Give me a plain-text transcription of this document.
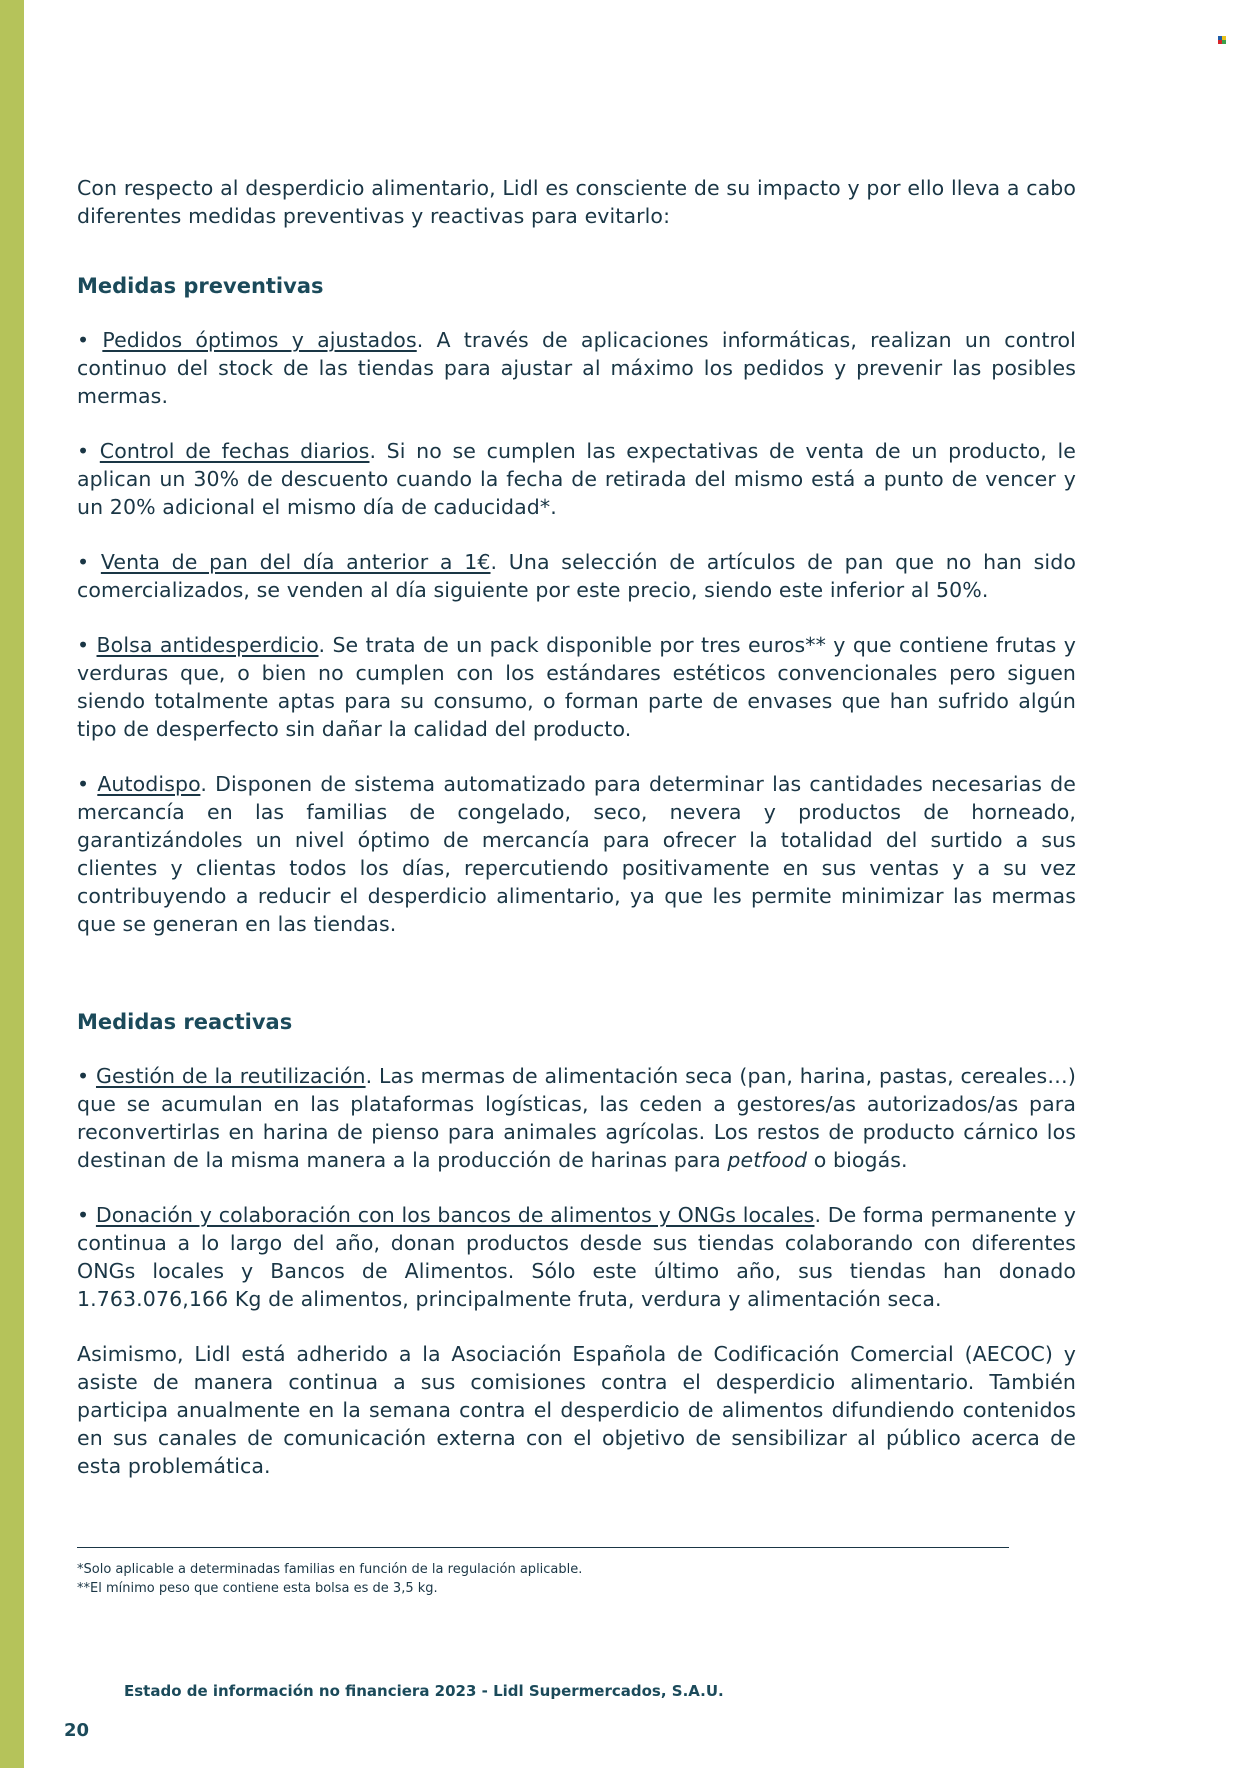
Con respecto al desperdicio alimentario, Lidl es consciente de su impacto y por ello lleva a cabo diferentes medidas preventivas y reactivas para evitarlo:

Medidas preventivas

• Pedidos óptimos y ajustados. A través de aplicaciones informáticas, realizan un control continuo del stock de las tiendas para ajustar al máximo los pedidos y prevenir las posibles mermas.

• Control de fechas diarios. Si no se cumplen las expectativas de venta de un producto, le aplican un 30% de descuento cuando la fecha de retirada del mismo está a punto de vencer y un 20% adicional el mismo día de caducidad*.

• Venta de pan del día anterior a 1€. Una selección de artículos de pan que no han sido comercializados, se venden al día siguiente por este precio, siendo este inferior al 50%.

• Bolsa antidesperdicio. Se trata de un pack disponible por tres euros** y que contiene frutas y verduras que, o bien no cumplen con los estándares estéticos convencionales pero siguen siendo totalmente aptas para su consumo, o forman parte de envases que han sufrido algún tipo de desperfecto sin dañar la calidad del producto.

• Autodispo. Disponen de sistema automatizado para determinar las cantidades necesarias de mercancía en las familias de congelado, seco, nevera y productos de horneado, garantizándoles un nivel óptimo de mercancía para ofrecer la totalidad del surtido a sus clientes y clientas todos los días, repercutiendo positivamente en sus ventas y a su vez contribuyendo a reducir el desperdicio alimentario, ya que les permite minimizar las mermas que se generan en las tiendas.

Medidas reactivas

• Gestión de la reutilización. Las mermas de alimentación seca (pan, harina, pastas, cereales…) que se acumulan en las plataformas logísticas, las ceden a gestores/as autorizados/as para reconvertirlas en harina de pienso para animales agrícolas. Los restos de producto cárnico los destinan de la misma manera a la producción de harinas para petfood o biogás.

• Donación y colaboración con los bancos de alimentos y ONGs locales. De forma permanente y continua a lo largo del año, donan productos desde sus tiendas colaborando con diferentes ONGs locales y Bancos de Alimentos. Sólo este último año, sus tiendas han donado 1.763.076,166 Kg de alimentos, principalmente fruta, verdura y alimentación seca.

Asimismo, Lidl está adherido a la Asociación Española de Codificación Comercial (AECOC) y asiste de manera continua a sus comisiones contra el desperdicio alimentario. También participa anualmente en la semana contra el desperdicio de alimentos difundiendo contenidos en sus canales de comunicación externa con el objetivo de sensibilizar al público acerca de esta problemática.

*Solo aplicable a determinadas familias en función de la regulación aplicable.

**El mínimo peso que contiene esta bolsa es de 3,5 kg.

Estado de información no financiera 2023 - Lidl Supermercados, S.A.U.
20
